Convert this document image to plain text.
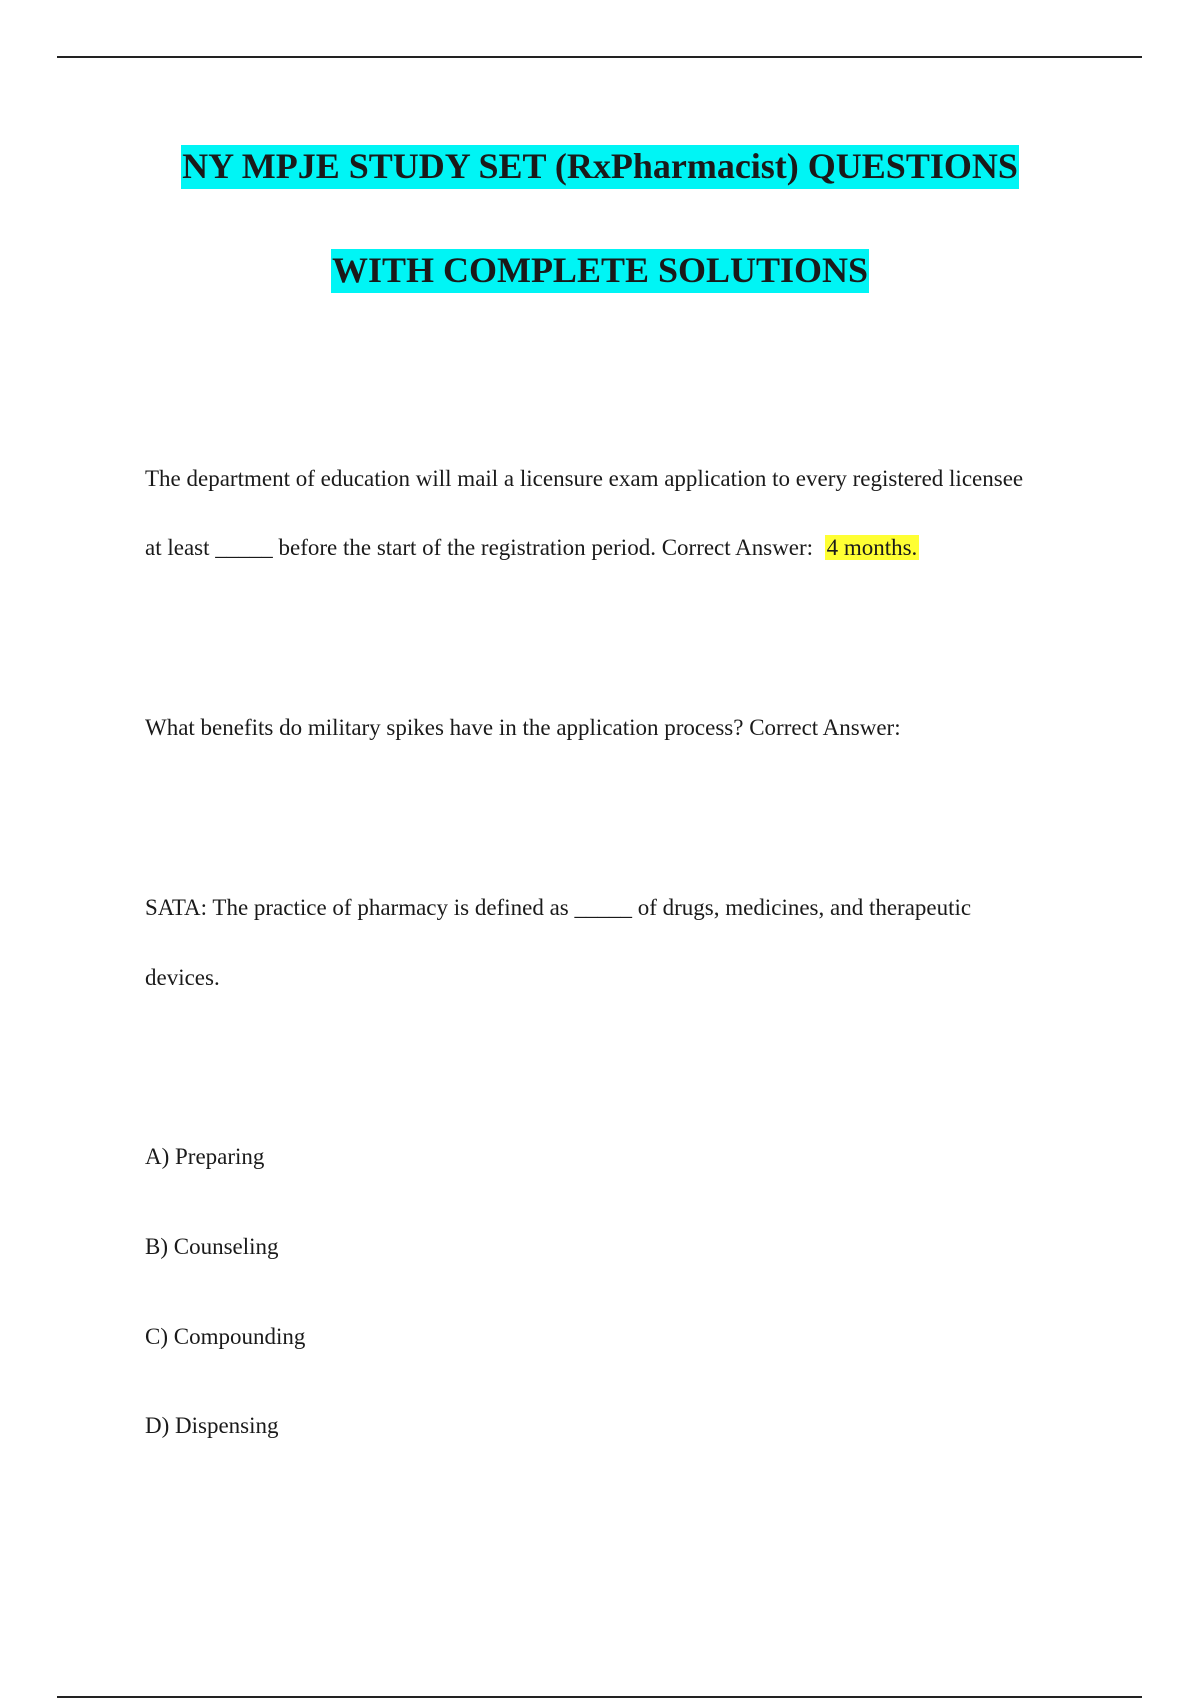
NY MPJE STUDY SET (RxPharmacist) QUESTIONS
WITH COMPLETE SOLUTIONS
The department of education will mail a licensure exam application to every registered licensee
at least _____ before the start of the registration period. Correct Answer: 4 months.
What benefits do military spikes have in the application process? Correct Answer:
SATA: The practice of pharmacy is defined as _____ of drugs, medicines, and therapeutic
devices.
A) Preparing
B) Counseling
C) Compounding
D) Dispensing
